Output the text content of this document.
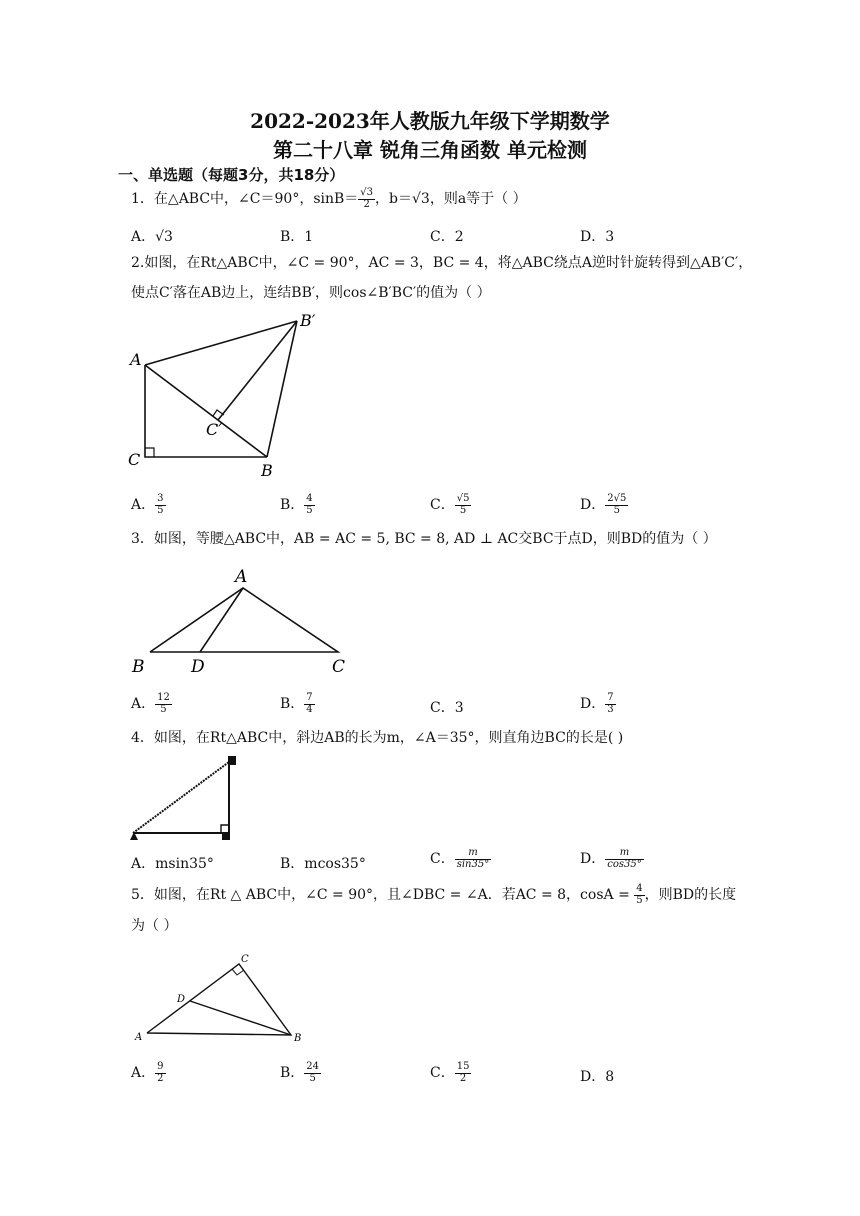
2022-2023年人教版九年级下学期数学
第二十八章 锐角三角函数 单元检测
一、单选题（每题3分，共18分）
1．在△ABC中，∠C＝90°，$\sin B= \frac{√3}{2}$ ，b＝√3，则a等于（ ）
A．√3	B．1	C．2	D．3
2.如图，在Rt△ABC中，∠C = 90°，AC = 3，BC = 4，将△ABC绕点A逆时针旋转得到△AB′C′，
使点C′落在AB边上，连结BB′，则cos∠B′BC′的值为（ ）
A
B′
C′
C
B
A． $\frac{3}{5}$	B． $\frac{4}{5}$	C． $\frac{√5}{5}$	D． $\frac{2√5}{5}$
3．如图，等腰△ABC中，AB = AC = 5, BC = 8, AD ⊥ AC交BC于点D，则BD的值为（ ）
A
B	D	C
A． $\frac{12}{5}$	B． $\frac{7}{4}$	C．3	D． $\frac{7}{3}$
4．如图，在Rt△ABC中，斜边AB的长为m，∠A＝35°，则直角边BC的长是( )
A．msin35°	B．mcos35°	C． $\frac{m}{\sin 35^\circ}$	D． $\frac{m}{\cos 35^\circ}$
5．如图，在Rt △ ABC中，∠C = 90°，且∠DBC = ∠A．若AC = 8，$\cos A = \frac{4}{5}$ ，则BD的长度
为（ ）
C
D
A	B
A． $\frac{9}{2}$	B． $\frac{24}{5}$	C． $\frac{15}{2}$	D．8
